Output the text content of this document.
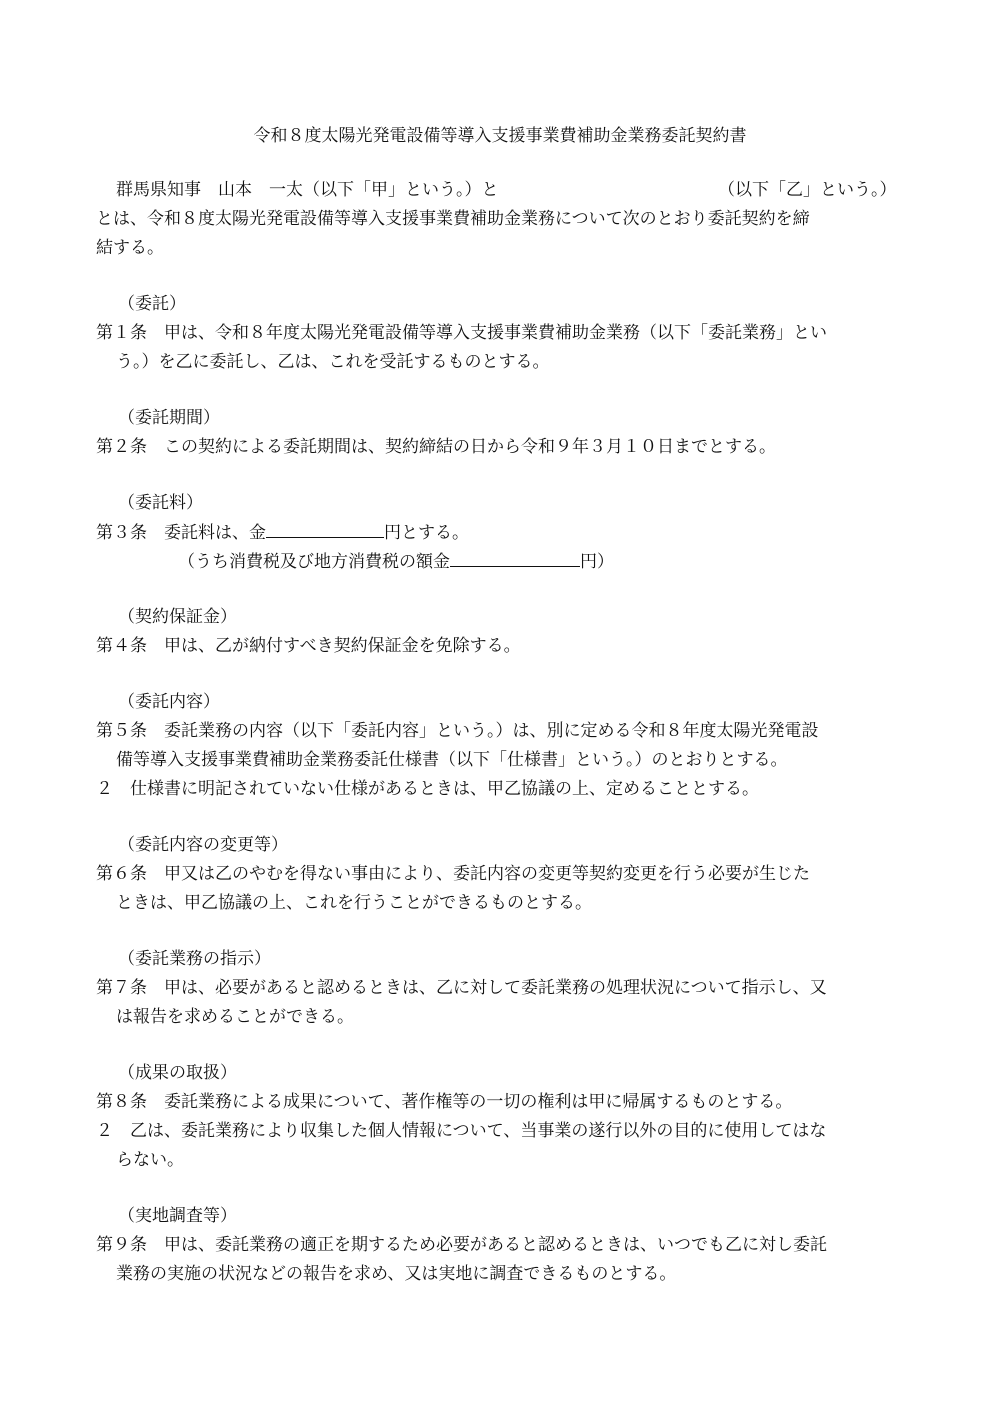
令和８度太陽光発電設備等導入支援事業費補助金業務委託契約書
群馬県知事　山本　一太（以下「甲」という。）と	（以下「乙」という。）
とは、令和８度太陽光発電設備等導入支援事業費補助金業務について次のとおり委託契約を締
結する。
（委託）
第１条　甲は、令和８年度太陽光発電設備等導入支援事業費補助金業務（以下「委託業務」とい
う。）を乙に委託し、乙は、これを受託するものとする。
（委託期間）
第２条　この契約による委託期間は、契約締結の日から令和９年３月１０日までとする。
（委託料）
第３条　委託料は、金	円とする。
（うち消費税及び地方消費税の額金	円）
（契約保証金）
第４条　甲は、乙が納付すべき契約保証金を免除する。
（委託内容）
第５条　委託業務の内容（以下「委託内容」という。）は、別に定める令和８年度太陽光発電設
備等導入支援事業費補助金業務委託仕様書（以下「仕様書」という。）のとおりとする。
２　仕様書に明記されていない仕様があるときは、甲乙協議の上、定めることとする。
（委託内容の変更等）
第６条　甲又は乙のやむを得ない事由により、委託内容の変更等契約変更を行う必要が生じた
ときは、甲乙協議の上、これを行うことができるものとする。
（委託業務の指示）
第７条　甲は、必要があると認めるときは、乙に対して委託業務の処理状況について指示し、又
は報告を求めることができる。
（成果の取扱）
第８条　委託業務による成果について、著作権等の一切の権利は甲に帰属するものとする。
２　乙は、委託業務により収集した個人情報について、当事業の遂行以外の目的に使用してはな
らない。
（実地調査等）
第９条　甲は、委託業務の適正を期するため必要があると認めるときは、いつでも乙に対し委託
業務の実施の状況などの報告を求め、又は実地に調査できるものとする。
